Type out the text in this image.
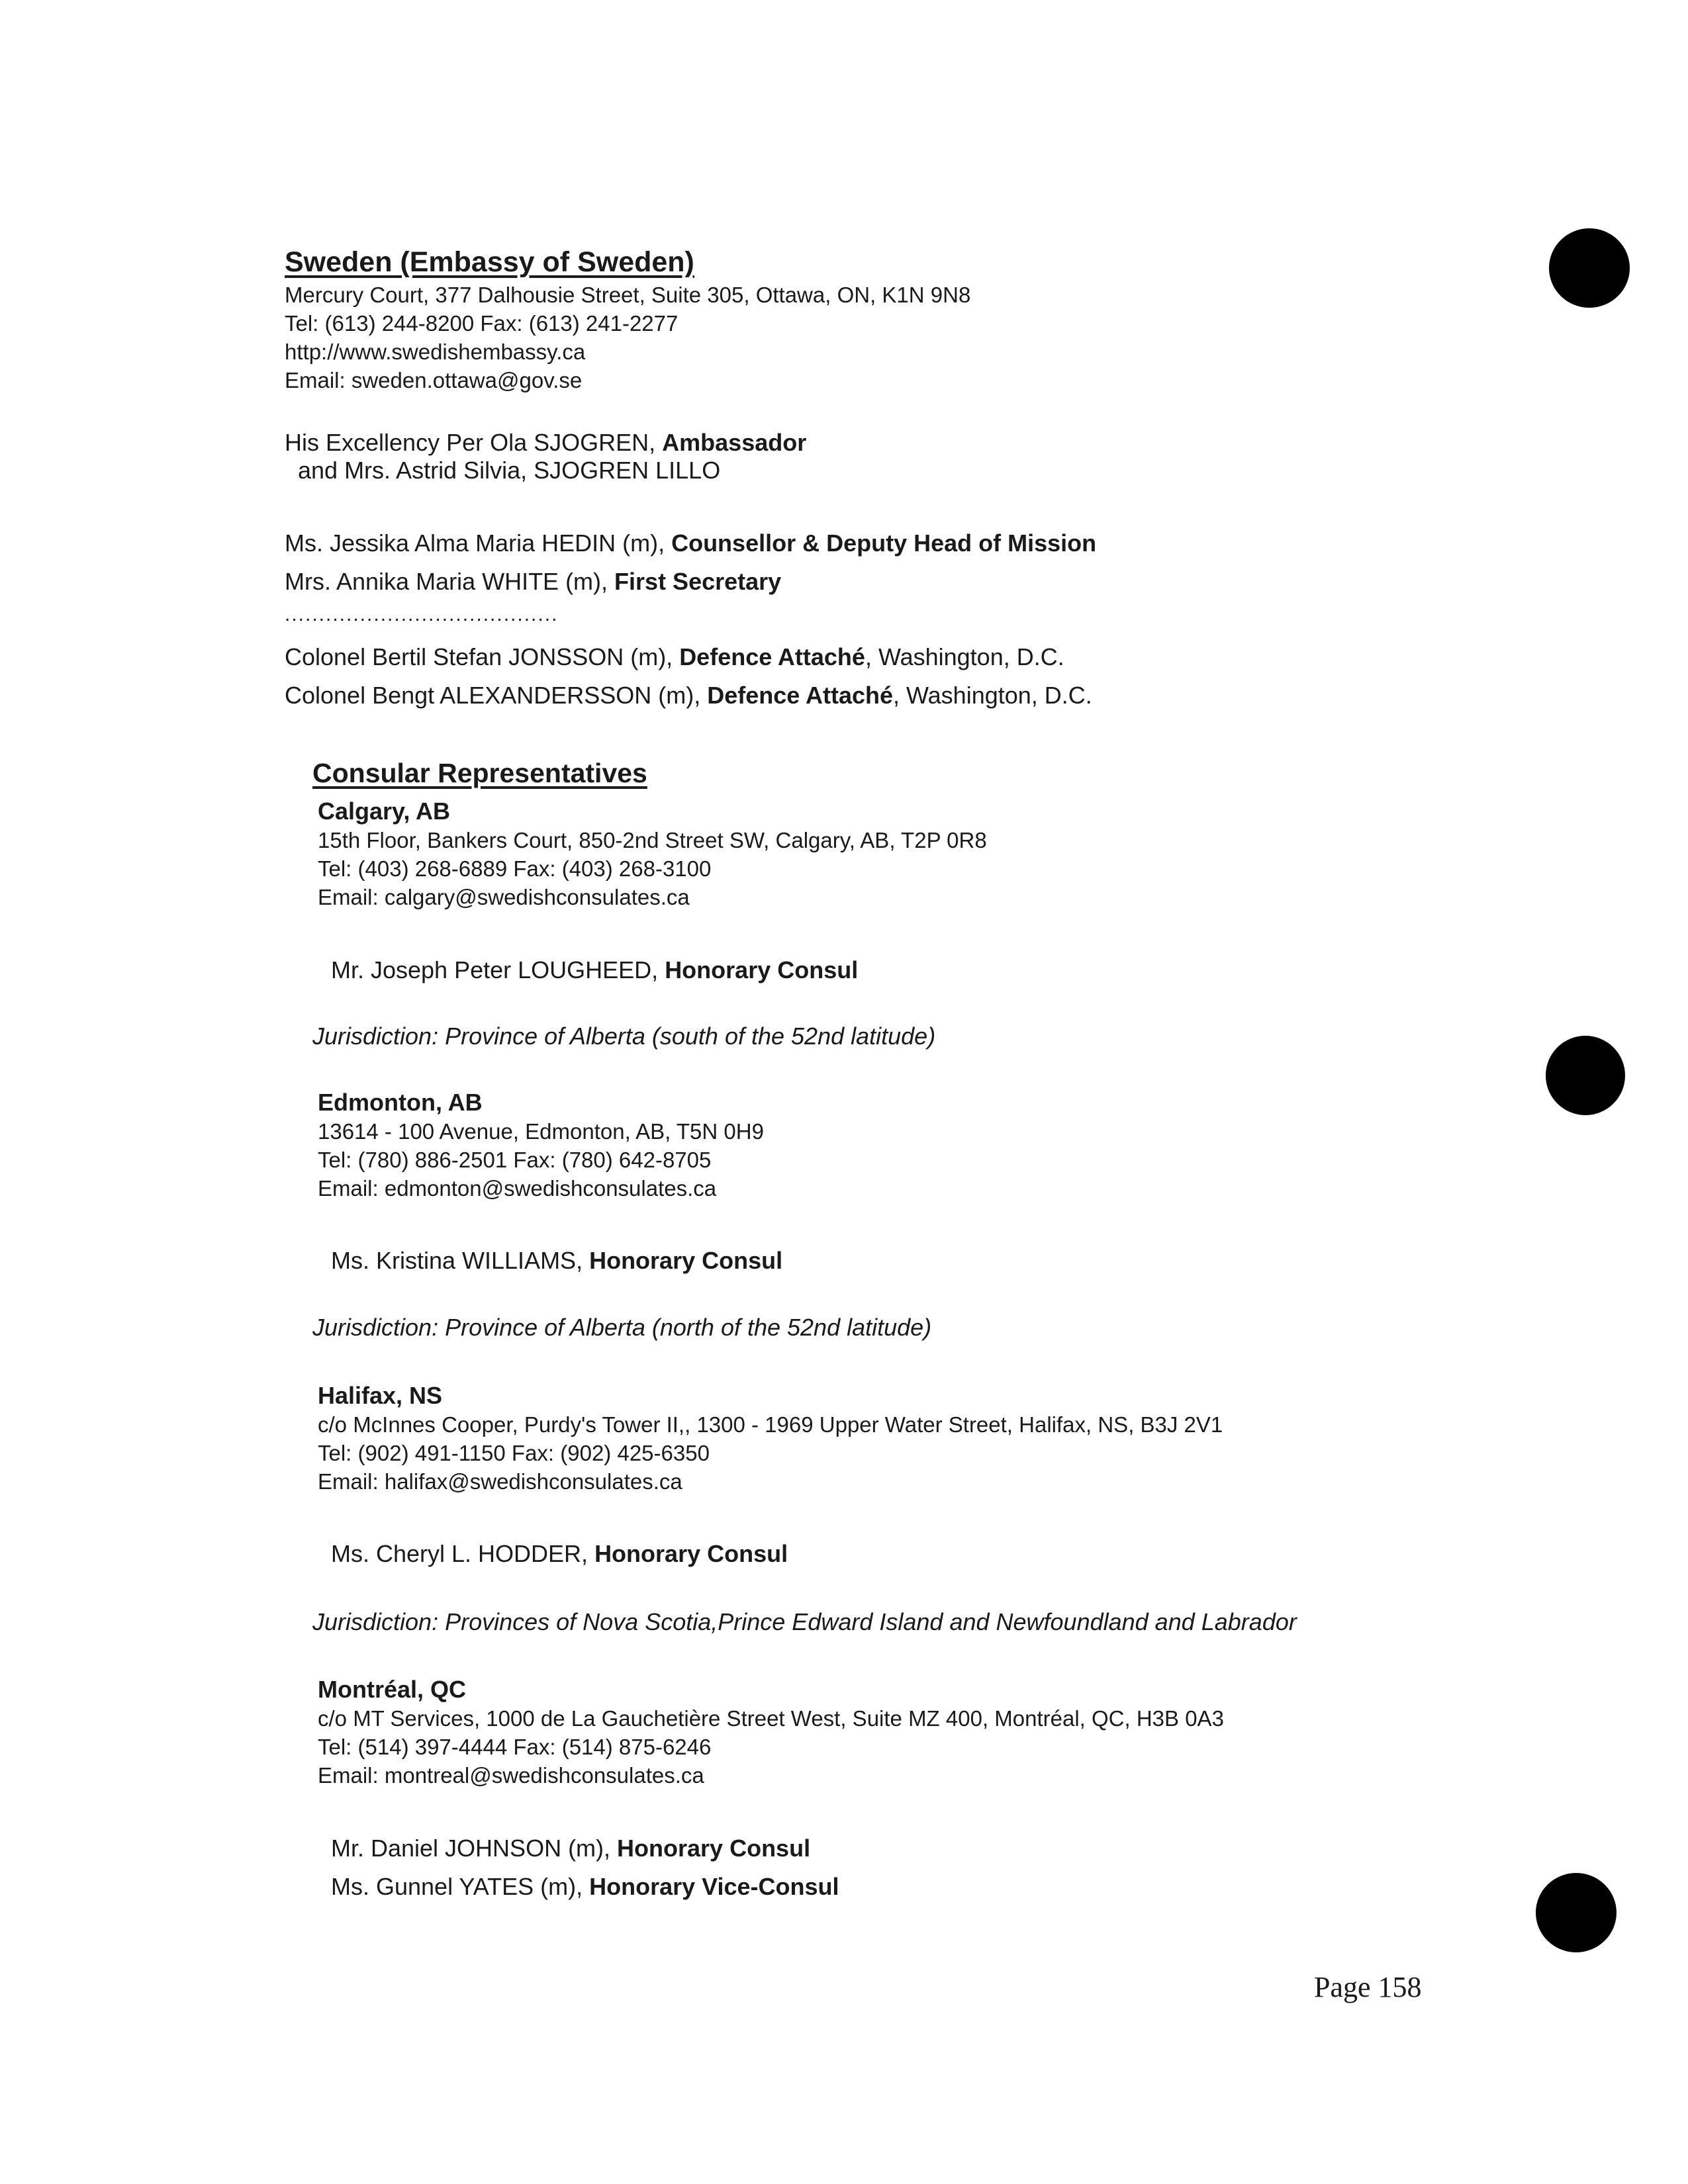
Sweden (Embassy of Sweden)
Mercury Court, 377 Dalhousie Street, Suite 305, Ottawa, ON, K1N 9N8
Tel: (613) 244-8200 Fax: (613) 241-2277
http://www.swedishembassy.ca
Email: sweden.ottawa@gov.se
His Excellency Per Ola SJOGREN, Ambassador
and Mrs. Astrid Silvia, SJOGREN LILLO
Ms. Jessika Alma Maria HEDIN (m), Counsellor & Deputy Head of Mission
Mrs. Annika Maria WHITE (m), First Secretary
........................................
Colonel Bertil Stefan JONSSON (m), Defence Attaché, Washington, D.C.
Colonel Bengt ALEXANDERSSON (m), Defence Attaché, Washington, D.C.
Consular Representatives
Calgary, AB
15th Floor, Bankers Court, 850-2nd Street SW, Calgary, AB, T2P 0R8
Tel: (403) 268-6889 Fax: (403) 268-3100
Email: calgary@swedishconsulates.ca
Mr. Joseph Peter LOUGHEED, Honorary Consul
Jurisdiction: Province of Alberta (south of the 52nd latitude)
Edmonton, AB
13614 - 100 Avenue, Edmonton, AB, T5N 0H9
Tel: (780) 886-2501 Fax: (780) 642-8705
Email: edmonton@swedishconsulates.ca
Ms. Kristina WILLIAMS, Honorary Consul
Jurisdiction: Province of Alberta (north of the 52nd latitude)
Halifax, NS
c/o McInnes Cooper, Purdy's Tower II,, 1300 - 1969 Upper Water Street, Halifax, NS, B3J 2V1
Tel: (902) 491-1150 Fax: (902) 425-6350
Email: halifax@swedishconsulates.ca
Ms. Cheryl L. HODDER, Honorary Consul
Jurisdiction: Provinces of Nova Scotia,Prince Edward Island and Newfoundland and Labrador
Montréal, QC
c/o MT Services, 1000 de La Gauchetière Street West, Suite MZ 400, Montréal, QC, H3B 0A3
Tel: (514) 397-4444 Fax: (514) 875-6246
Email: montreal@swedishconsulates.ca
Mr. Daniel JOHNSON (m), Honorary Consul
Ms. Gunnel YATES (m), Honorary Vice-Consul
Page 158
